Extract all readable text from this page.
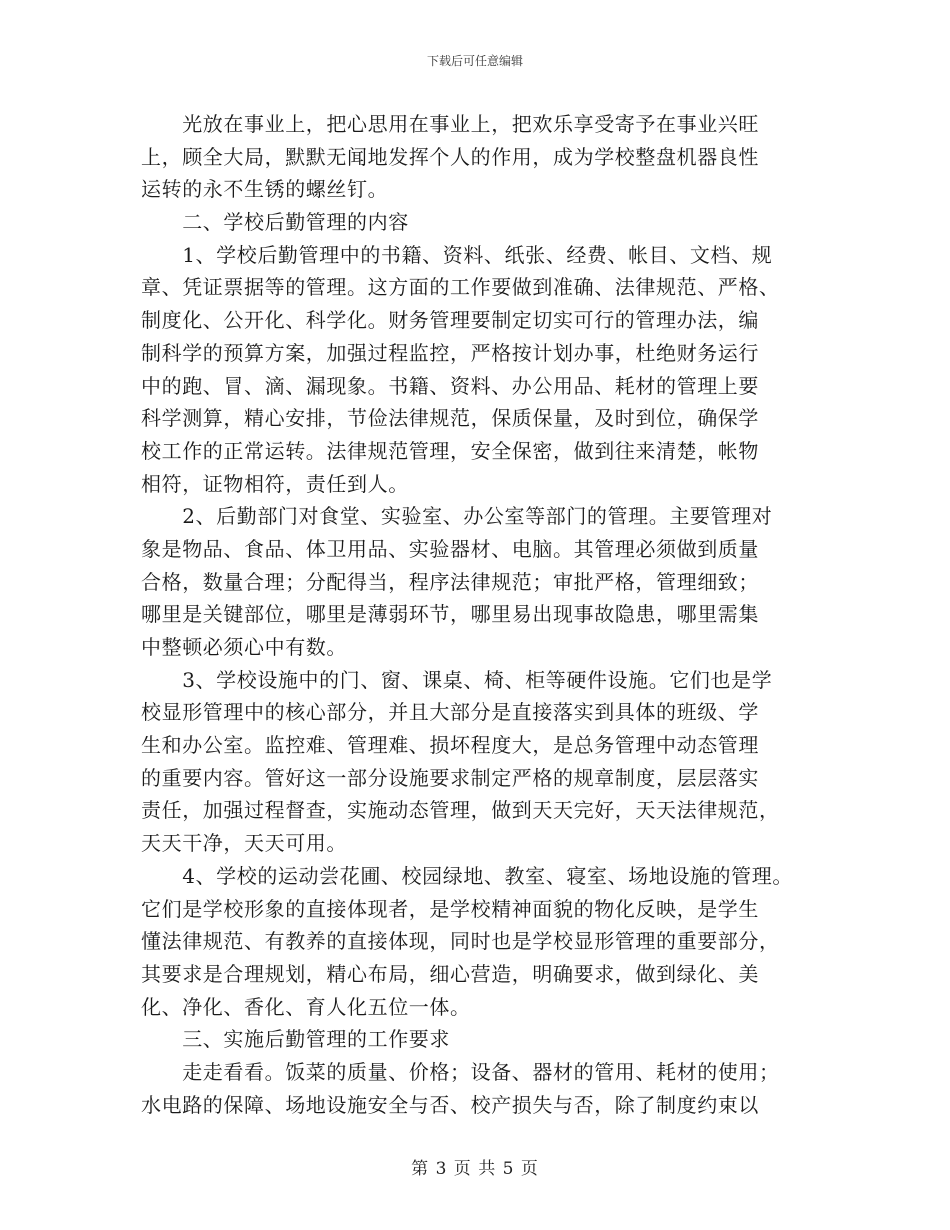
下载后可任意编辑
　　光放在事业上，把心思用在事业上，把欢乐享受寄予在事业兴旺
上，顾全大局，默默无闻地发挥个人的作用，成为学校整盘机器良性
运转的永不生锈的螺丝钉。
　　二、学校后勤管理的内容
　　1、学校后勤管理中的书籍、资料、纸张、经费、帐目、文档、规
章、凭证票据等的管理。这方面的工作要做到准确、法律规范、严格、
制度化、公开化、科学化。财务管理要制定切实可行的管理办法，编
制科学的预算方案，加强过程监控，严格按计划办事，杜绝财务运行
中的跑、冒、滴、漏现象。书籍、资料、办公用品、耗材的管理上要
科学测算，精心安排，节俭法律规范，保质保量，及时到位，确保学
校工作的正常运转。法律规范管理，安全保密，做到往来清楚，帐物
相符，证物相符，责任到人。
　　2、后勤部门对食堂、实验室、办公室等部门的管理。主要管理对
象是物品、食品、体卫用品、实验器材、电脑。其管理必须做到质量
合格，数量合理；分配得当，程序法律规范；审批严格，管理细致；
哪里是关键部位，哪里是薄弱环节，哪里易出现事故隐患，哪里需集
中整顿必须心中有数。
　　3、学校设施中的门、窗、课桌、椅、柜等硬件设施。它们也是学
校显形管理中的核心部分，并且大部分是直接落实到具体的班级、学
生和办公室。监控难、管理难、损坏程度大，是总务管理中动态管理
的重要内容。管好这一部分设施要求制定严格的规章制度，层层落实
责任，加强过程督查，实施动态管理，做到天天完好，天天法律规范，
天天干净，天天可用。
　　4、学校的运动尝花圃、校园绿地、教室、寝室、场地设施的管理。
它们是学校形象的直接体现者，是学校精神面貌的物化反映，是学生
懂法律规范、有教养的直接体现，同时也是学校显形管理的重要部分，
其要求是合理规划，精心布局，细心营造，明确要求，做到绿化、美
化、净化、香化、育人化五位一体。
　　三、实施后勤管理的工作要求
　　走走看看。饭菜的质量、价格；设备、器材的管用、耗材的使用；
水电路的保障、场地设施安全与否、校产损失与否，除了制度约束以
第 3 页 共 5 页
